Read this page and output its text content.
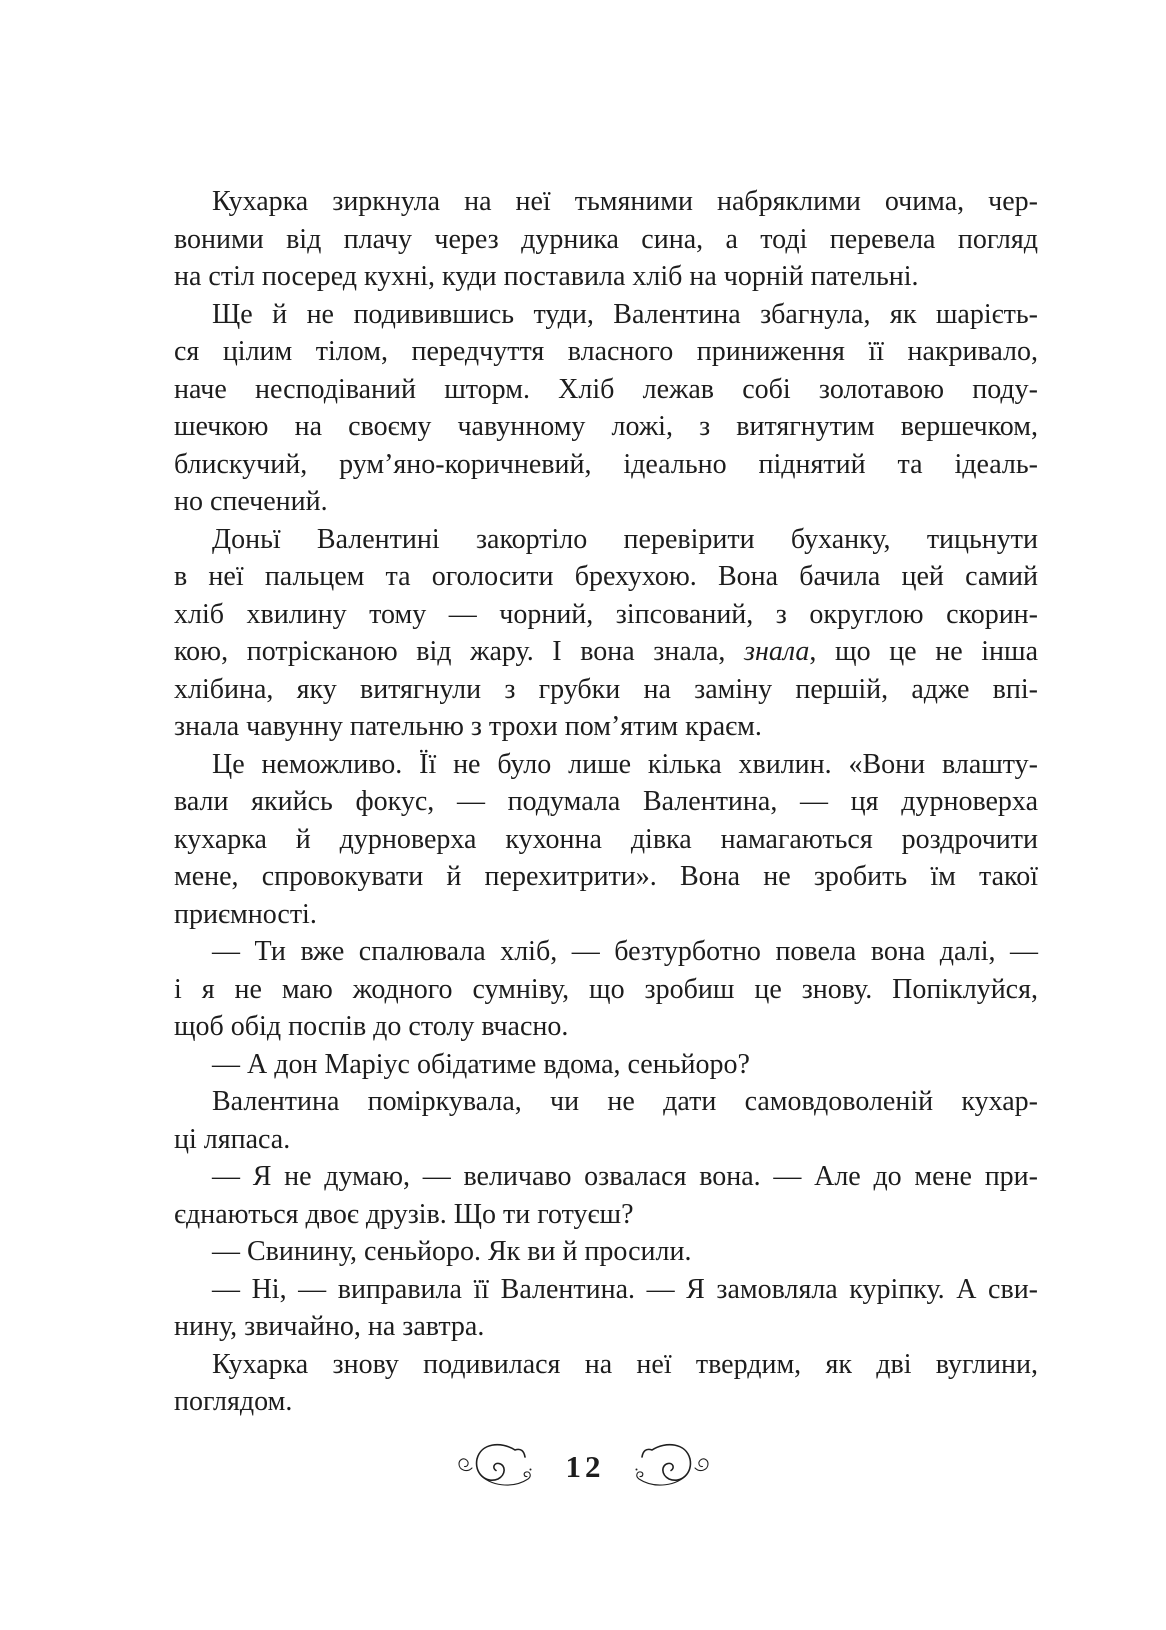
Кухарка зиркнула на неї тьмяними набряклими очима, чер-
воними від плачу через дурника сина, а тоді перевела погляд
на стіл посеред кухні, куди поставила хліб на чорній пательні.
Ще й не подивившись туди, Валентина збагнула, як шарієть-
ся цілим тілом, передчуття власного приниження її накривало,
наче несподіваний шторм. Хліб лежав собі золотавою поду-
шечкою на своєму чавунному ложі, з витягнутим вершечком,
блискучий, рум’яно-коричневий, ідеально піднятий та ідеаль-
но спечений.
Доньї Валентині закортіло перевірити буханку, тицьнути
в неї пальцем та оголосити брехухою. Вона бачила цей самий
хліб хвилину тому — чорний, зіпсований, з округлою скорин-
кою, потрісканою від жару. І вона знала, знала, що це не інша
хлібина, яку витягнули з грубки на заміну першій, адже впі-
знала чавунну пательню з трохи пом’ятим краєм.
Це неможливо. Її не було лише кілька хвилин. «Вони влашту-
вали якийсь фокус, — подумала Валентина, — ця дурноверха
кухарка й дурноверха кухонна дівка намагаються роздрочити
мене, спровокувати й перехитрити». Вона не зробить їм такої
приємності.
— Ти вже спалювала хліб, — безтурботно повела вона далі, —
і я не маю жодного сумніву, що зробиш це знову. Попіклуйся,
щоб обід поспів до столу вчасно.
— А дон Маріус обідатиме вдома, сеньйоро?
Валентина поміркувала, чи не дати самовдоволеній кухар-
ці ляпаса.
— Я не думаю, — величаво озвалася вона. — Але до мене при-
єднаються двоє друзів. Що ти готуєш?
— Свинину, сеньйоро. Як ви й просили.
— Ні, — виправила її Валентина. — Я замовляла куріпку. А сви-
нину, звичайно, на завтра.
Кухарка знову подивилася на неї твердим, як дві вуглини,
поглядом.
12
